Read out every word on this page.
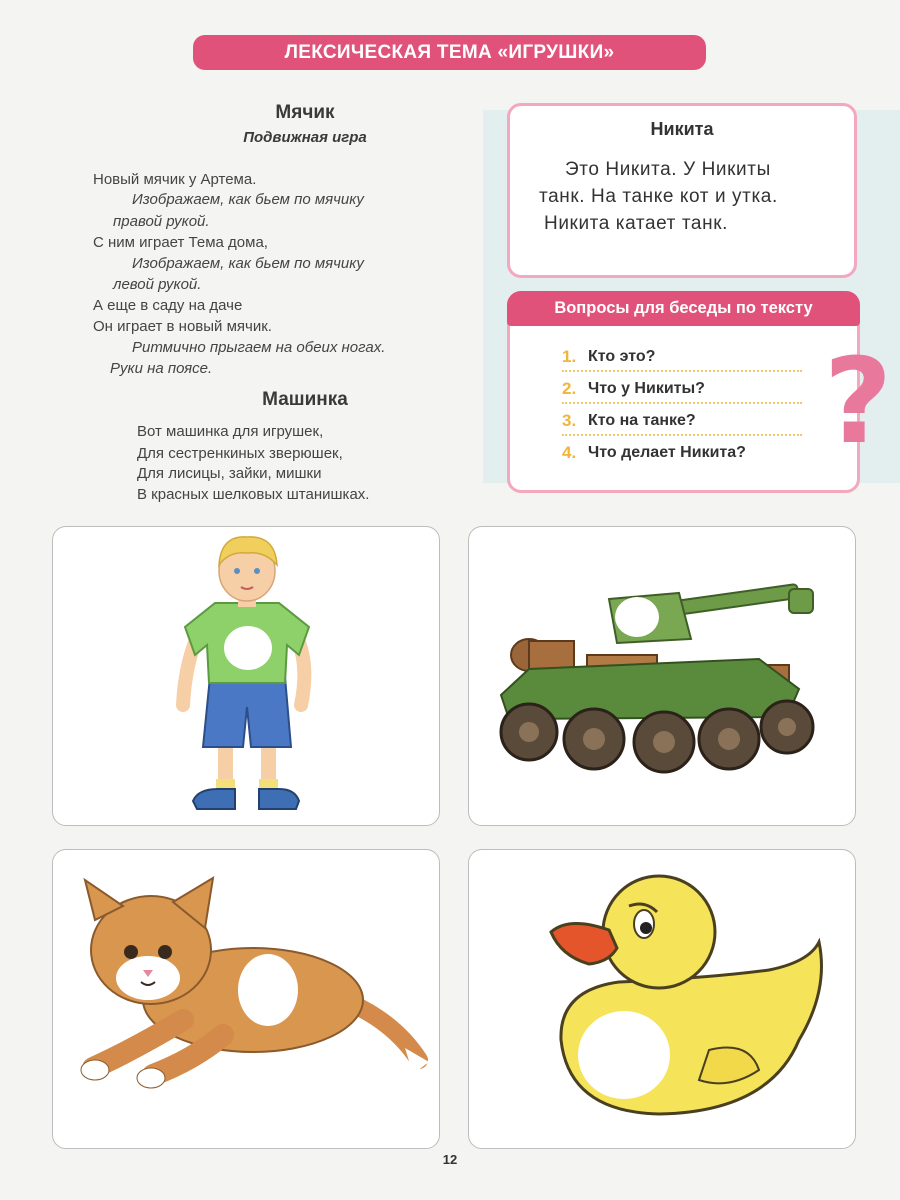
ЛЕКСИЧЕСКАЯ ТЕМА «ИГРУШКИ»
Мячик
Подвижная игра
Новый мячик у Артема.
Изображаем, как бьем по мячику
правой рукой.
С ним играет Тема дома,
Изображаем, как бьем по мячику
левой рукой.
А еще в саду на даче
Он играет в новый мячик.
Ритмично прыгаем на обеих ногах.
Руки на поясе.
Машинка
Вот машинка для игрушек,
Для сестренкиных зверюшек,
Для лисицы, зайки, мишки
В красных шелковых штанишках.
Никита
Это Никита. У Никиты
танк. На танке кот и утка.
Никита катает танк.
Вопросы для беседы по тексту
1. Кто это?
2. Что у Никиты?
3. Кто на танке?
4. Что делает Никита? ?
12
